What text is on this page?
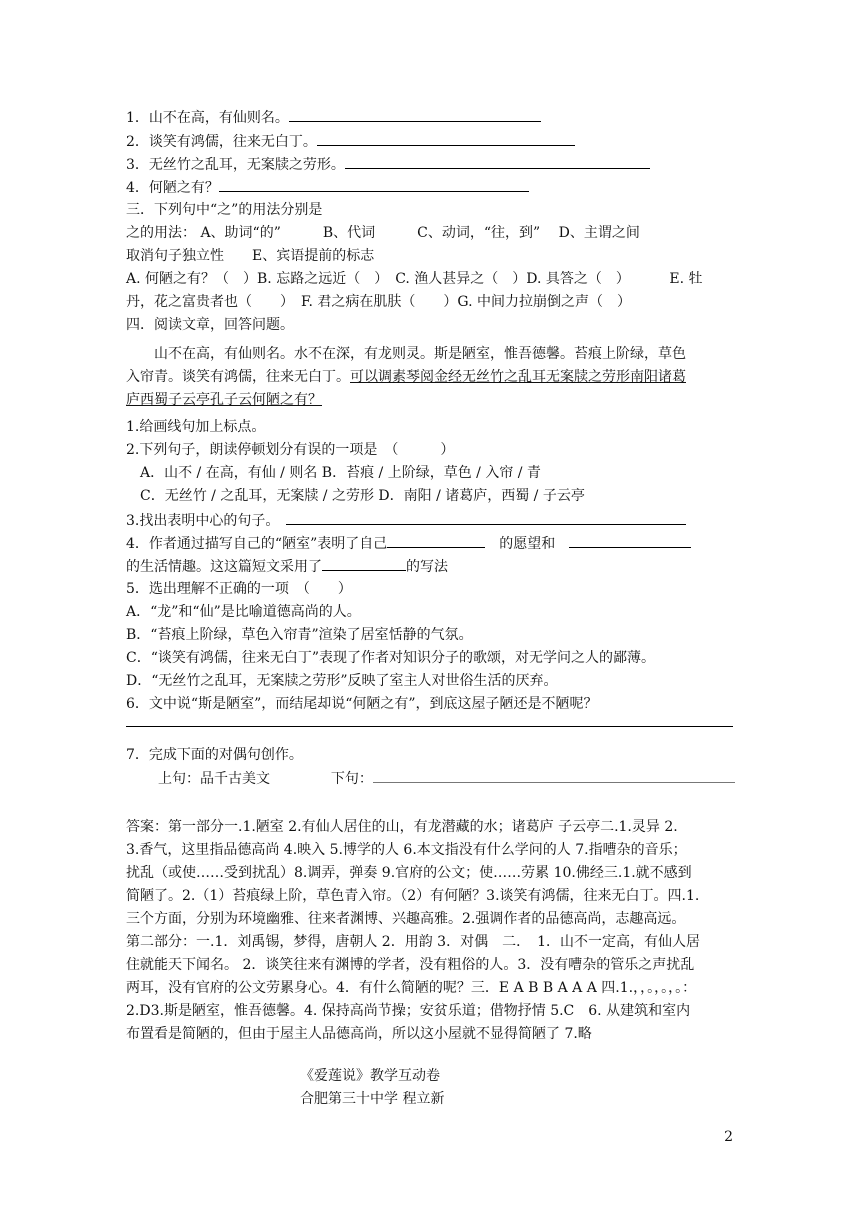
1．山不在高，有仙则名。
2．谈笑有鸿儒，往来无白丁。
3．无丝竹之乱耳，无案牍之劳形。
4．何陋之有？
三．下列句中“之”的用法分别是
之的用法： A、助词“的”　　　B、代词　　　C、动词，“往，到”　 D、主谓之间
取消句子独立性　　E、宾语提前的标志
A. 何陋之有？（　）B. 忘路之远近（　）　C. 渔人甚异之（　）D. 具答之（　）　　　 E. 牡
丹，花之富贵者也（　　）　F. 君之病在肌肤（　　）G. 中间力拉崩倒之声（　）
四．阅读文章，回答问题。
　　山不在高，有仙则名。水不在深，有龙则灵。斯是陋室，惟吾德馨。苔痕上阶绿，草色
入帘青。谈笑有鸿儒，往来无白丁。可以调素琴阅金经无丝竹之乱耳无案牍之劳形南阳诸葛
庐西蜀子云亭孔子云何陋之有？
1.给画线句加上标点。
2.下列句子，朗读停顿划分有误的一项是　（　　　）
　A．山不 / 在高，有仙 / 则名 B．苔痕 / 上阶绿，草色 / 入帘 / 青
　C．无丝竹 / 之乱耳，无案牍 / 之劳形 D．南阳 / 诸葛庐，西蜀 / 子云亭
3.找出表明中心的句子。　
4．作者通过描写自己的“陋室”表明了自己　	的愿望和　
的生活情趣。这这篇短文采用了	的写法
5．选出理解不正确的一项　（　　）
A．“龙”和“仙”是比喻道德高尚的人。
B．“苔痕上阶绿，草色入帘青”渲染了居室恬静的气氛。
C．“谈笑有鸿儒，往来无白丁”表现了作者对知识分子的歌颂，对无学问之人的鄙薄。
D．“无丝竹之乱耳，无案牍之劳形”反映了室主人对世俗生活的厌弃。
6．文中说“斯是陋室”，而结尾却说“何陋之有”，到底这屋子陋还是不陋呢？
7．完成下面的对偶句创作。
上句：品千古美文	下句：
答案：第一部分一.1.陋室 2.有仙人居住的山，有龙潜藏的水；诸葛庐 子云亭二.1.灵异 2.
3.香气，这里指品德高尚 4.映入 5.博学的人 6.本文指没有什么学问的人 7.指嘈杂的音乐；
扰乱（或使……受到扰乱）8.调弄，弹奏 9.官府的公文；使……劳累 10.佛经三.1.就不感到
简陋了。2.（1）苔痕绿上阶，草色青入帘。（2）有何陋？3.谈笑有鸿儒，往来无白丁。四.1.
三个方面，分别为环境幽雅、往来者渊博、兴趣高雅。2.强调作者的品德高尚，志趣高远。
第二部分：一.1．刘禹锡，梦得，唐朝人 2．用韵 3．对偶　二．　1．山不一定高，有仙人居
住就能天下闻名。 2．谈笑往来有渊博的学者，没有粗俗的人。3．没有嘈杂的管乐之声扰乱
两耳，没有官府的公文劳累身心。4．有什么简陋的呢？三．E A B B A A A 四.1.，，。，。，。：
2.D3.斯是陋室，惟吾德馨。4. 保持高尚节操；安贫乐道；借物抒情 5.C　6. 从建筑和室内
布置看是简陋的，但由于屋主人品德高尚，所以这小屋就不显得简陋了 7.略
《爱莲说》教学互动卷
合肥第三十中学 程立新
2
